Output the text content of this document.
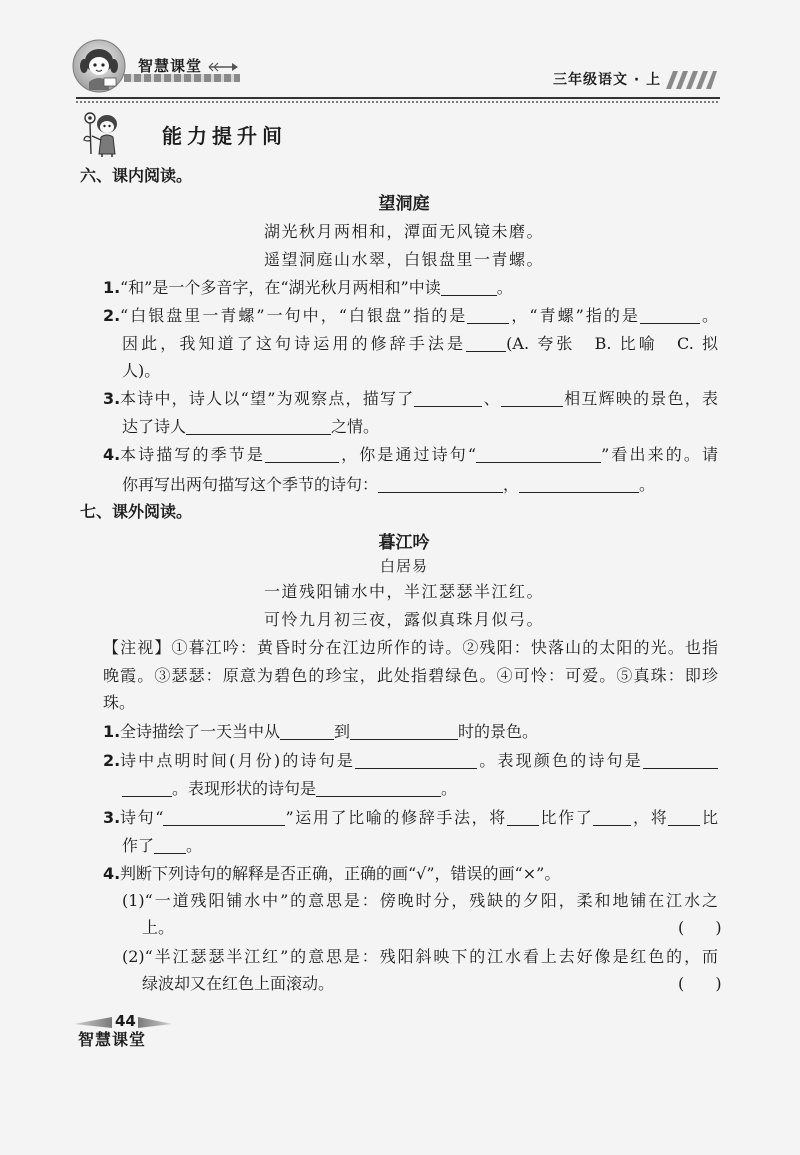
智慧课堂
三年级语文 · 上
能力提升间
六、课内阅读。
望洞庭
湖光秋月两相和，潭面无风镜未磨。
遥望洞庭山水翠，白银盘里一青螺。
1. “和”是一个多音字，在“湖光秋月两相和”中读	。
2. “白银盘里一青螺”一句中，“白银盘”指的是	，“青螺”指的是	。
因此，我知道了这句诗运用的修辞手法是	(A. 夸张　B. 比喻　C. 拟
人)。
3. 本诗中，诗人以“望”为观察点，描写了	、	相互辉映的景色，表
达了诗人	之情。
4. 本诗描写的季节是	，你是通过诗句“	”看出来的。请
你再写出两句描写这个季节的诗句：	，	。
七、课外阅读。
暮江吟
白居易
一道残阳铺水中，半江瑟瑟半江红。
可怜九月初三夜，露似真珠月似弓。
【注视】①暮江吟：黄昏时分在江边所作的诗。②残阳：快落山的太阳的光。也指
晚霞。③瑟瑟：原意为碧色的珍宝，此处指碧绿色。④可怜：可爱。⑤真珠：即珍
珠。
1. 全诗描绘了一天当中从	到	时的景色。
2. 诗中点明时间(月份)的诗句是	。表现颜色的诗句是
。表现形状的诗句是	。
3. 诗句“	”运用了比喻的修辞手法，将 比作了 ，将 比
作了 。
4. 判断下列诗句的解释是否正确，正确的画“√”，错误的画“×”。
(1)“一道残阳铺水中”的意思是：傍晚时分，残缺的夕阳，柔和地铺在江水之
上。	(  )
(2)“半江瑟瑟半江红”的意思是：残阳斜映下的江水看上去好像是红色的，而
绿波却又在红色上面滚动。	(  )
44
智慧课堂
